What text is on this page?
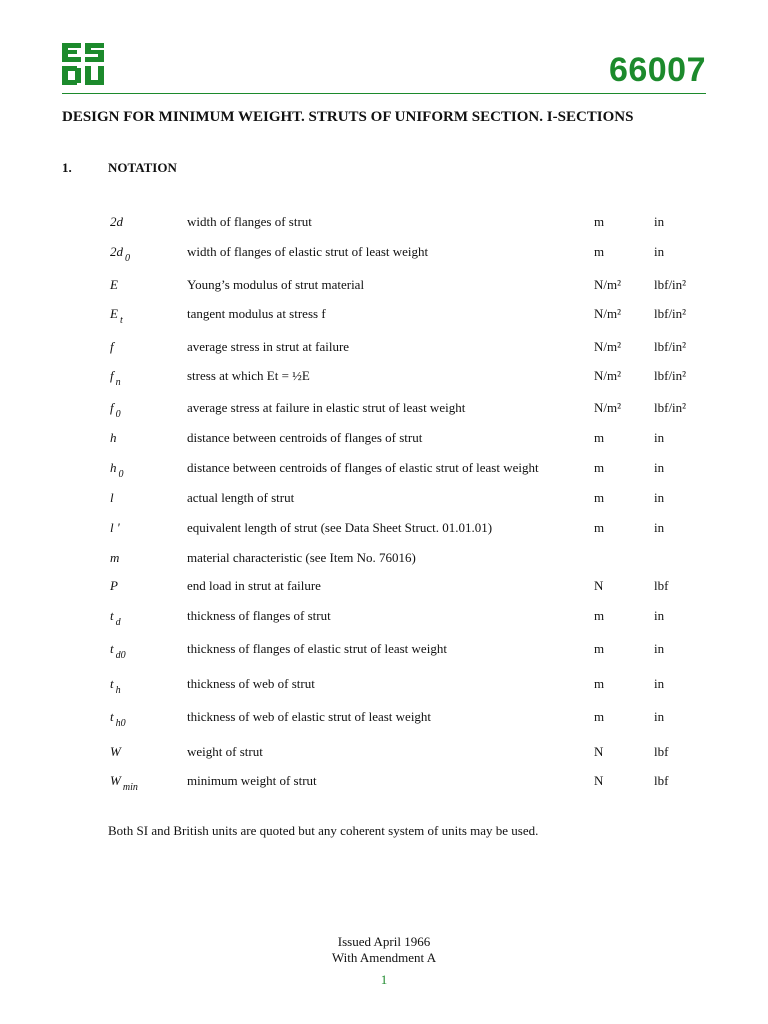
66007
DESIGN FOR MINIMUM WEIGHT. STRUTS OF UNIFORM SECTION. I-SECTIONS
1.	NOTATION
2d	width of flanges of strut	m	in
2d $_0$	width of flanges of elastic strut of least weight	m	in
E	Young’s modulus of strut material	N/m²	lbf/in²
E $_t$	tangent modulus at stress f	N/m²	lbf/in²
f	average stress in strut at failure	N/m²	lbf/in²
f $_n$	stress at which Et = ½E	N/m²	lbf/in²
f $_0$	average stress at failure in elastic strut of least weight	N/m²	lbf/in²
h	distance between centroids of flanges of strut	m	in
h $_0$	distance between centroids of flanges of elastic strut of least weight	m	in
l	actual length of strut	m	in
l '	equivalent length of strut (see Data Sheet Struct. 01.01.01)	m	in
m	material characteristic (see Item No. 76016)
P	end load in strut at failure	N	lbf
t $_d$	thickness of flanges of strut	m	in
t $_{d0}$	thickness of flanges of elastic strut of least weight	m	in
t $_h$	thickness of web of strut	m	in
t $_{h0}$	thickness of web of elastic strut of least weight	m	in
W	weight of strut	N	lbf
W $_{min}$	minimum weight of strut	N	lbf
Both SI and British units are quoted but any coherent system of units may be used.
Issued April 1966
With Amendment A
1
